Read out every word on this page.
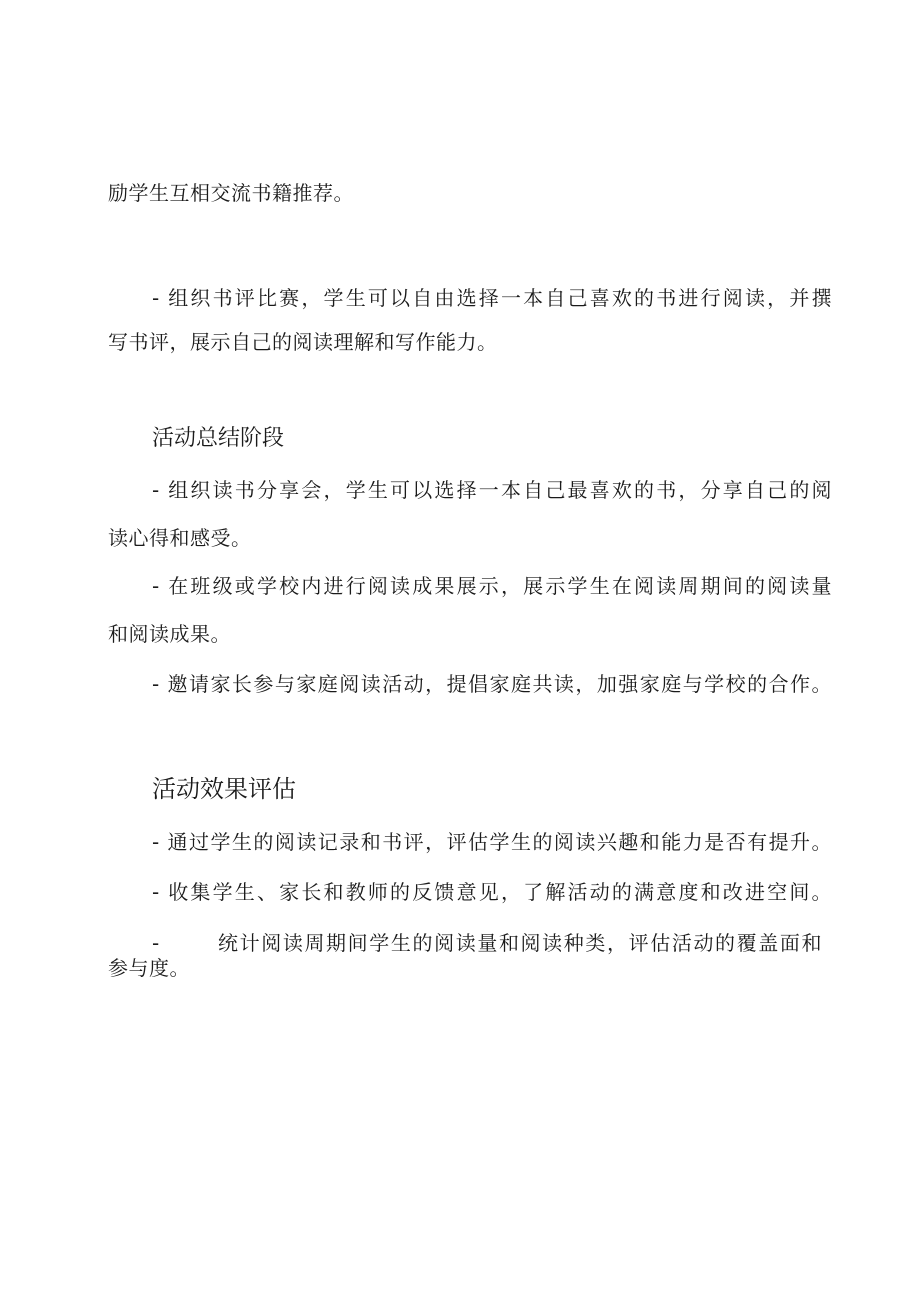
励学生互相交流书籍推荐。
- 组织书评比赛，学生可以自由选择一本自己喜欢的书进行阅读，并撰
写书评，展示自己的阅读理解和写作能力。
活动总结阶段
- 组织读书分享会，学生可以选择一本自己最喜欢的书，分享自己的阅
读心得和感受。
- 在班级或学校内进行阅读成果展示，展示学生在阅读周期间的阅读量
和阅读成果。
- 邀请家长参与家庭阅读活动，提倡家庭共读，加强家庭与学校的合作。
活动效果评估
- 通过学生的阅读记录和书评，评估学生的阅读兴趣和能力是否有提升。
- 收集学生、家长和教师的反馈意见，了解活动的满意度和改进空间。
-	统计阅读周期间学生的阅读量和阅读种类，评估活动的覆盖面和
参与度。
